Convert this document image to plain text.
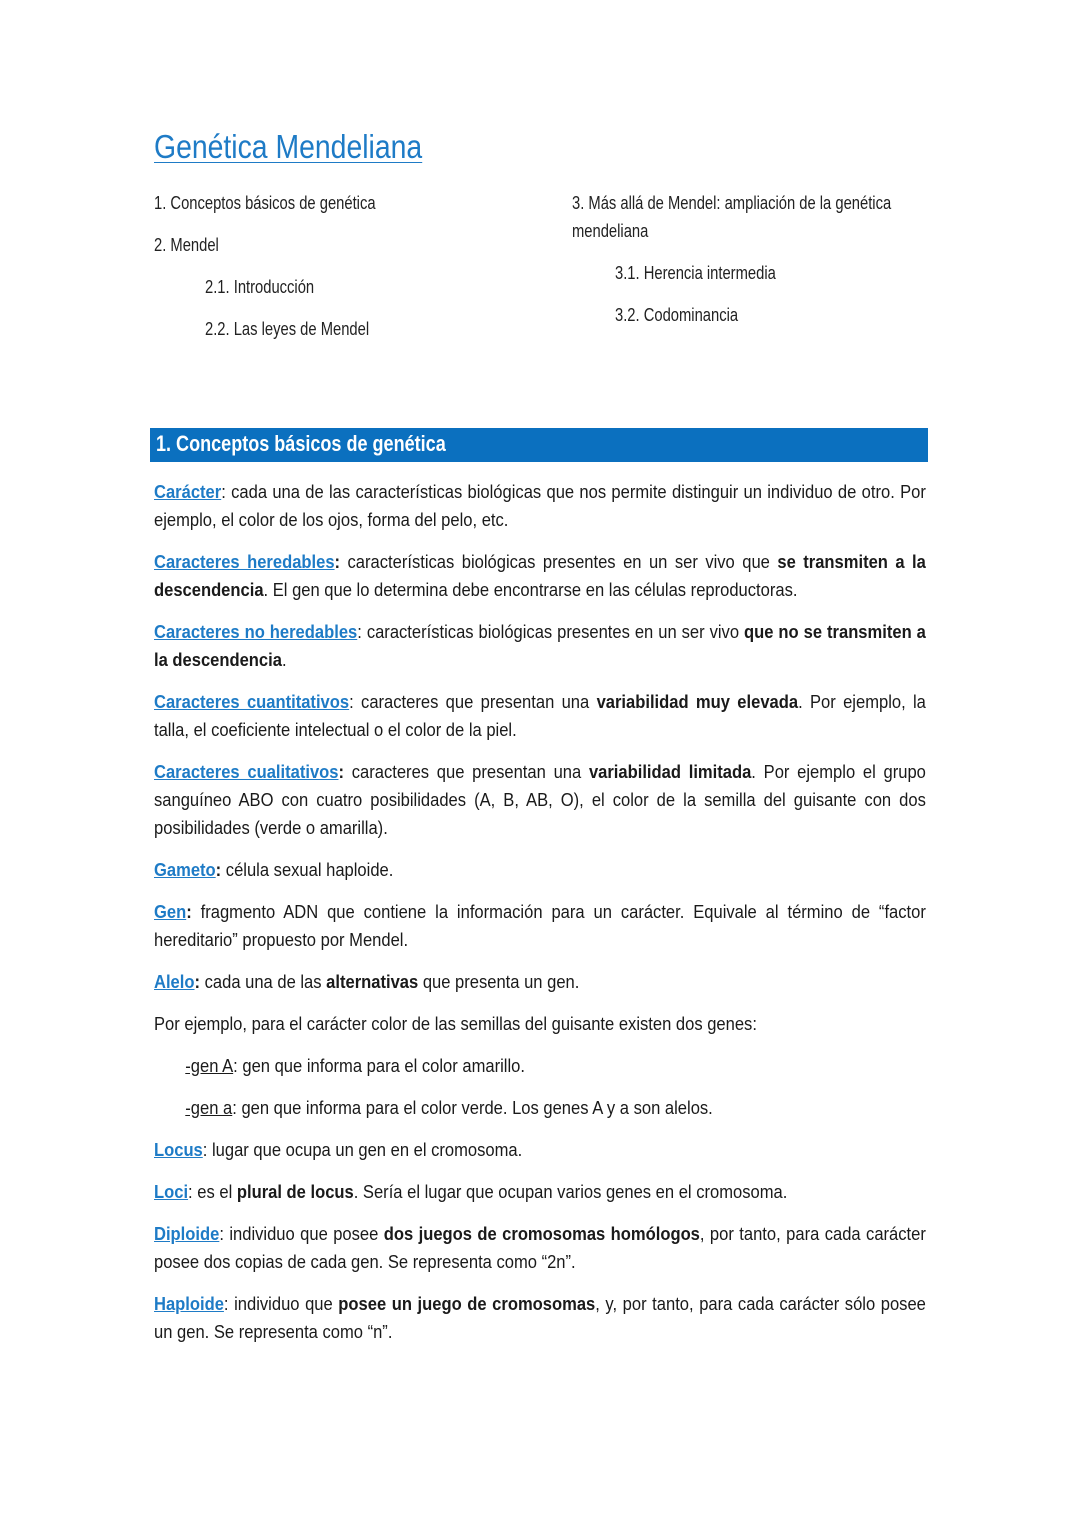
Genética Mendeliana
1. Conceptos básicos de genética
2. Mendel
2.1. Introducción
2.2. Las leyes de Mendel
3. Más allá de Mendel: ampliación de la genética
mendeliana
3.1. Herencia intermedia
3.2. Codominancia
1. Conceptos básicos de genética

Carácter: cada una de las características biológicas que nos permite distinguir un individuo de otro. Por ejemplo, el color de los ojos, forma del pelo, etc.

Caracteres heredables: características biológicas presentes en un ser vivo que se transmiten a la descendencia. El gen que lo determina debe encontrarse en las células reproductoras.

Caracteres no heredables: características biológicas presentes en un ser vivo que no se transmiten a la descendencia.

Caracteres cuantitativos: caracteres que presentan una variabilidad muy elevada. Por ejemplo, la talla, el coeficiente intelectual o el color de la piel.

Caracteres cualitativos: caracteres que presentan una variabilidad limitada. Por ejemplo el grupo sanguíneo ABO con cuatro posibilidades (A, B, AB, O), el color de la semilla del guisante con dos posibilidades (verde o amarilla).

Gameto: célula sexual haploide.

Gen: fragmento ADN que contiene la información para un carácter. Equivale al término de “factor hereditario” propuesto por Mendel.

Alelo: cada una de las alternativas que presenta un gen.

Por ejemplo, para el carácter color de las semillas del guisante existen dos genes:

-gen A: gen que informa para el color amarillo.

-gen a: gen que informa para el color verde. Los genes A y a son alelos.

Locus: lugar que ocupa un gen en el cromosoma.

Loci: es el plural de locus. Sería el lugar que ocupan varios genes en el cromosoma.

Diploide: individuo que posee dos juegos de cromosomas homólogos, por tanto, para cada carácter posee dos copias de cada gen. Se representa como “2n”.

Haploide: individuo que posee un juego de cromosomas, y, por tanto, para cada carácter sólo posee un gen. Se representa como “n”.
